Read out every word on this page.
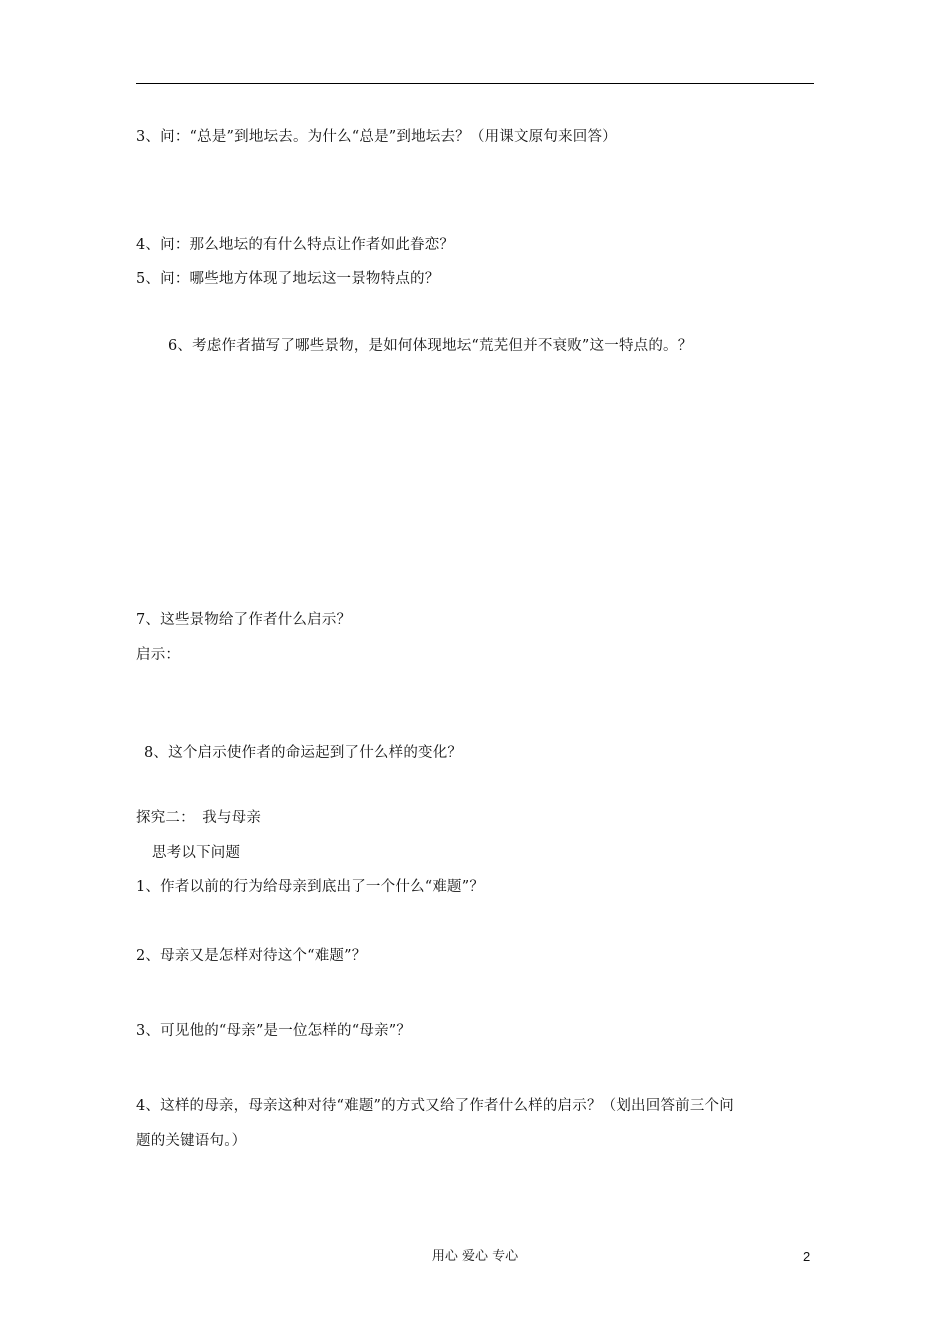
3、问：“总是”到地坛去。为什么“总是”到地坛去？（用课文原句来回答）
4、问：那么地坛的有什么特点让作者如此眷恋？
5、问：哪些地方体现了地坛这一景物特点的？
6、考虑作者描写了哪些景物，是如何体现地坛“荒芜但并不衰败”这一特点的。？
7、这些景物给了作者什么启示？
启示：
8、这个启示使作者的命运起到了什么样的变化？
探究二：　我与母亲
思考以下问题
1、作者以前的行为给母亲到底出了一个什么“难题”？
2、母亲又是怎样对待这个“难题”？
3、可见他的“母亲”是一位怎样的“母亲”？
4、这样的母亲，母亲这种对待“难题”的方式又给了作者什么样的启示？（划出回答前三个问
题的关键语句。）
用心 爱心 专心	2
